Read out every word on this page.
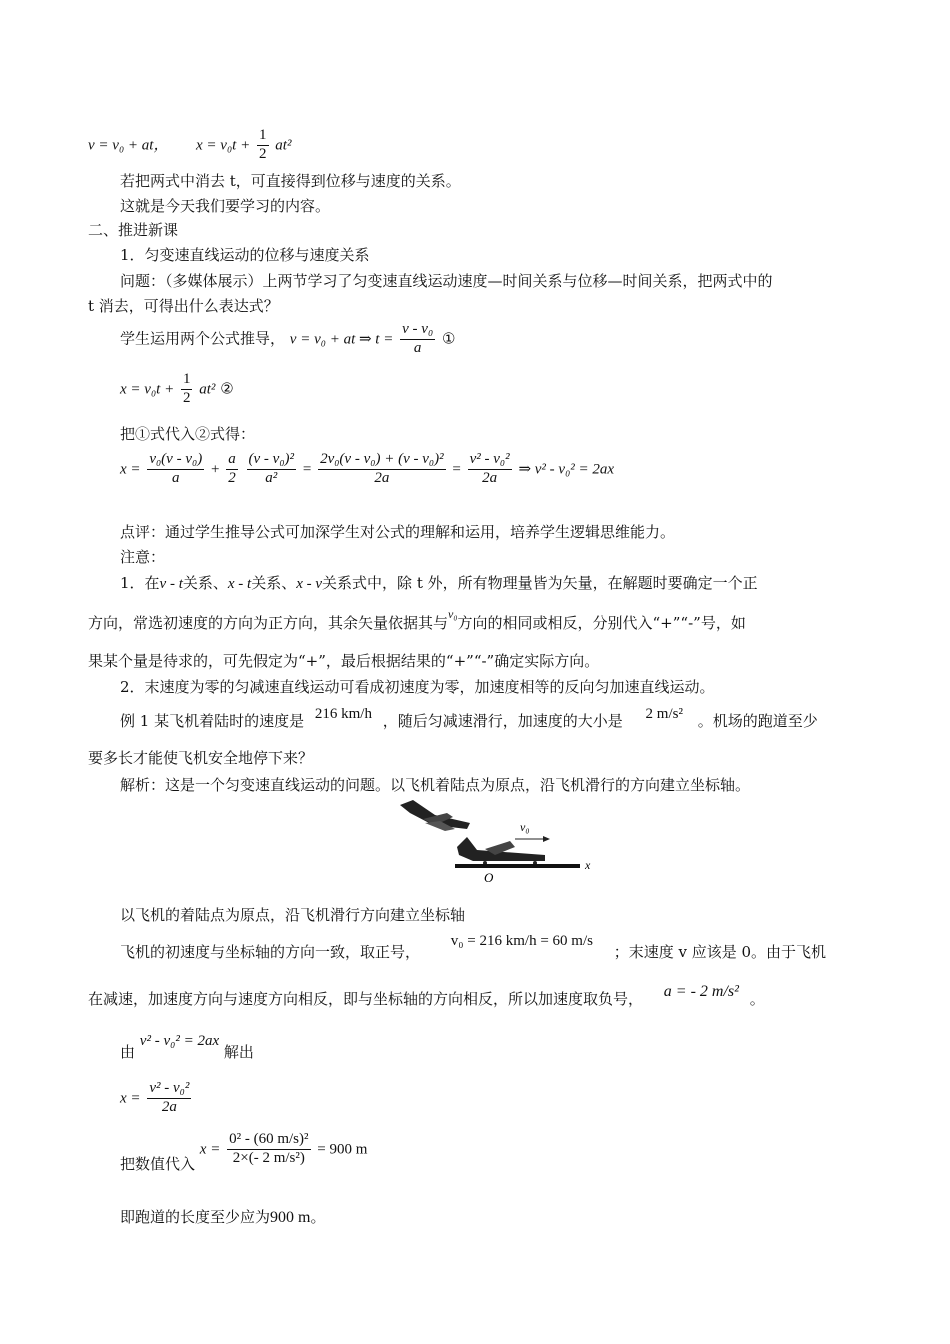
v = v₀ + at， $x = v_0t + \frac{1}{2} at^2$
若把两式中消去 t，可直接得到位移与速度的关系。
这就是今天我们要学习的内容。
二、推进新课
1．匀变速直线运动的位移与速度关系
问题：（多媒体展示）上两节学习了匀变速直线运动速度—时间关系与位移—时间关系，把两式中的
t 消去，可得出什么表达式？
学生运用两个公式推导， v = v₀ + at ⇒ $t = \frac{\text{v - v₀}}{a}$ ①
$x = v_0t + \frac{1}{2} at^2$ ②
把①式代入②式得：
$x = \frac{\text{v₀(v - v₀)}}{a} + \frac{a}{2}$
$\frac{\text{(v - v₀)²}}{\text{a²}} = \frac{\text{2v₀(v - v₀) + (v - v₀)²}}{2a} = \frac{\text{v² - v₀²}}{2a}$ ⇒ v² - v₀² = 2ax
点评：通过学生推导公式可加深学生对公式的理解和运用，培养学生逻辑思维能力。
注意：
1．在v - t关系、x - t关系、x - v关系式中，除 t 外，所有物理量皆为矢量，在解题时要确定一个正
方向，常选初速度的方向为正方向，其余矢量依据其与$^{v_0}$方向的相同或相反，分别代入“+”“-”号，如
果某个量是待求的，可先假定为“+”，最后根据结果的“+”“-”确定实际方向。
2．末速度为零的匀减速直线运动可看成初速度为零，加速度相等的反向匀加速直线运动。
例 1 某飞机着陆时的速度是 216 km/h ，随后匀减速滑行，加速度的大小是 2 m/s² 。机场的跑道至少
要多长才能使飞机安全地停下来？
解析：这是一个匀变速直线运动的问题。以飞机着陆点为原点，沿飞机滑行的方向建立坐标轴。
v₀
x
O
以飞机的着陆点为原点，沿飞机滑行方向建立坐标轴
飞机的初速度与坐标轴的方向一致，取正号， v₀ = 216 km/h = 60 m/s ；末速度 v 应该是 0。由于飞机
在减速，加速度方向与速度方向相反，即与坐标轴的方向相反，所以加速度取负号， a = - 2 m/s² 。
由 v² - v₀² = 2ax 解出
$x = \frac{\text{v² - v₀²}}{2a}$
把数值代入 $x = \frac{\text{0² - (60 m/s)²}}{\text{2×(- 2 m/s²)}} = 900$ m
即跑道的长度至少应为900 m。
